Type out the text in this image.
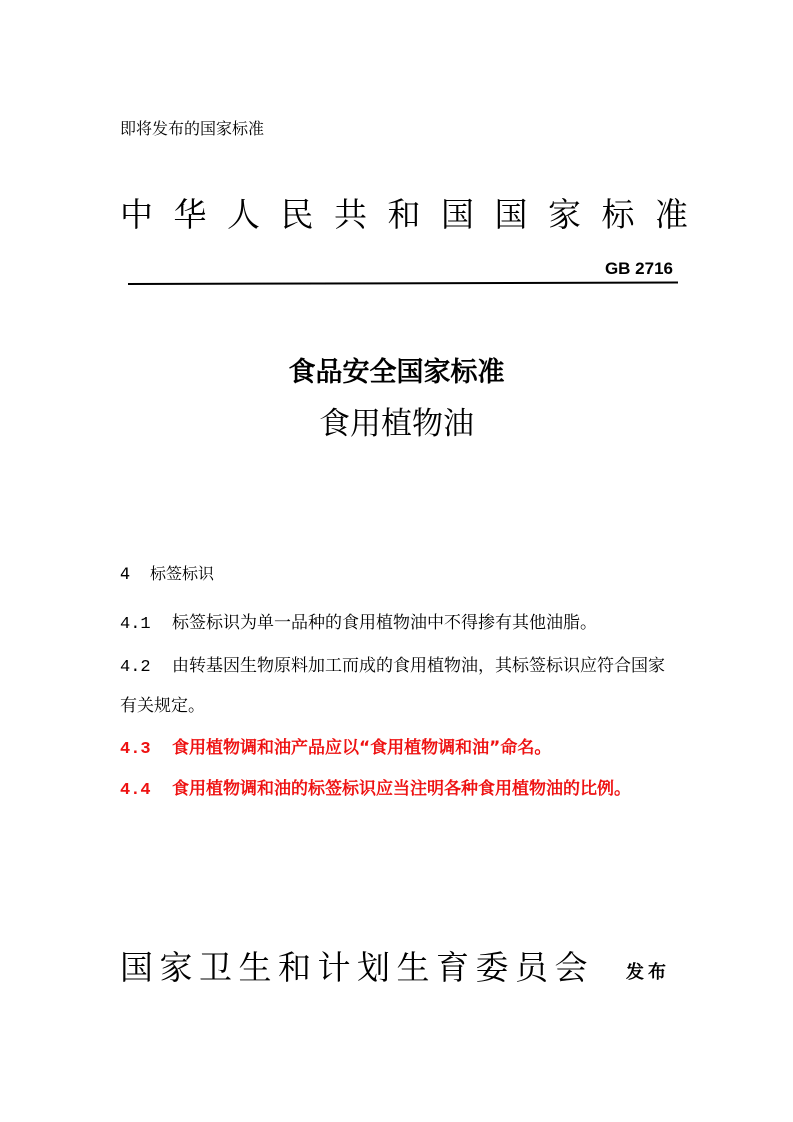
即将发布的国家标准
中华人民共和国国家标准
GB 2716
食品安全国家标准
食用植物油
4 标签标识
4.1 标签标识为单一品种的食用植物油中不得掺有其他油脂。
4.2 由转基因生物原料加工而成的食用植物油，其标签标识应符合国家有关规定。
4.3 食用植物调和油产品应以“食用植物调和油”命名。
4.4 食用植物调和油的标签标识应当注明各种食用植物油的比例。
国家卫生和计划生育委员会 发布
